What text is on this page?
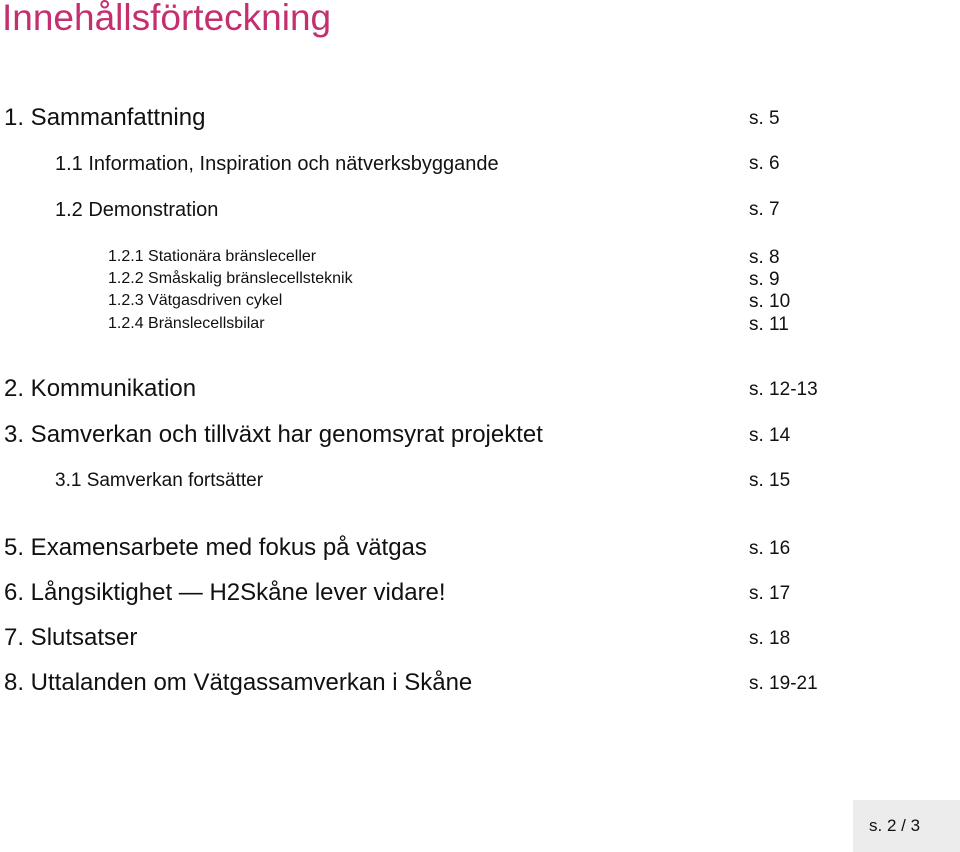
Innehållsförteckning
1. Sammanfattning	s. 5
1.1 Information, Inspiration och nätverksbyggande	s. 6
1.2 Demonstration	s. 7
1.2.1 Stationära bränsleceller	s. 8
1.2.2 Småskalig bränslecellsteknik	s. 9
1.2.3 Vätgasdriven cykel	s. 10
1.2.4 Bränslecellsbilar	s. 11
2. Kommunikation	s. 12-13
3. Samverkan och tillväxt har genomsyrat projektet	s. 14
3.1 Samverkan fortsätter	s. 15
5. Examensarbete med fokus på vätgas	s. 16
6. Långsiktighet — H2Skåne lever vidare!	s. 17
7. Slutsatser	s. 18
8. Uttalanden om Vätgassamverkan i Skåne	s. 19-21
s. 2 / 3
